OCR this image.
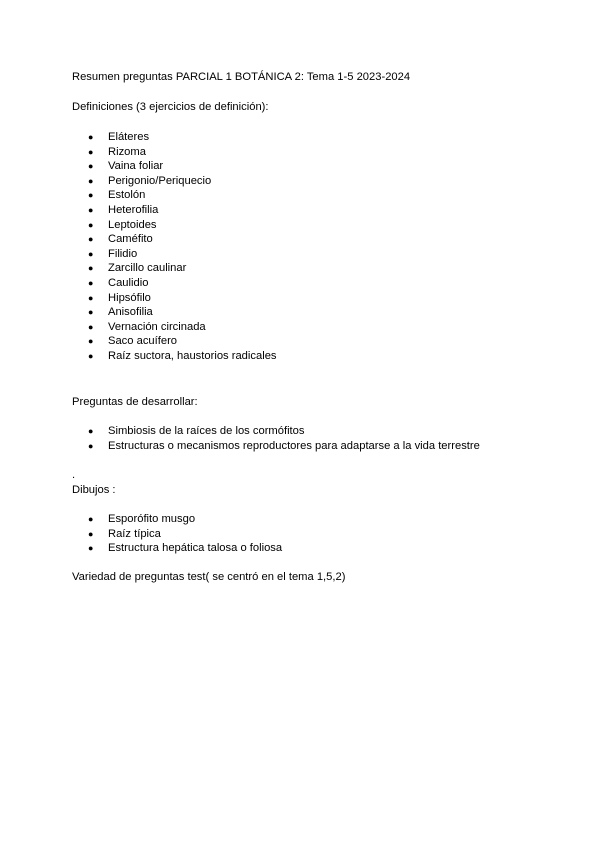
Resumen preguntas PARCIAL 1 BOTÁNICA 2: Tema 1-5 2023-2024

Definiciones (3 ejercicios de definición):

● Eláteres
● Rizoma
● Vaina foliar
● Perigonio/Periquecio
● Estolón
● Heterofilia
● Leptoides
● Caméfito
● Filidio
● Zarcillo caulinar
● Caulidio
● Hipsófilo
● Anisofilia
● Vernación circinada
● Saco acuífero
● Raíz suctora, haustorios radicales

Preguntas de desarrollar:

● Simbiosis de la raíces de los cormófitos
● Estructuras o mecanismos reproductores para adaptarse a la vida terrestre

.

Dibujos :

● Esporófito musgo
● Raíz típica
● Estructura hepática talosa o foliosa

Variedad de preguntas test( se centró en el tema 1,5,2)
